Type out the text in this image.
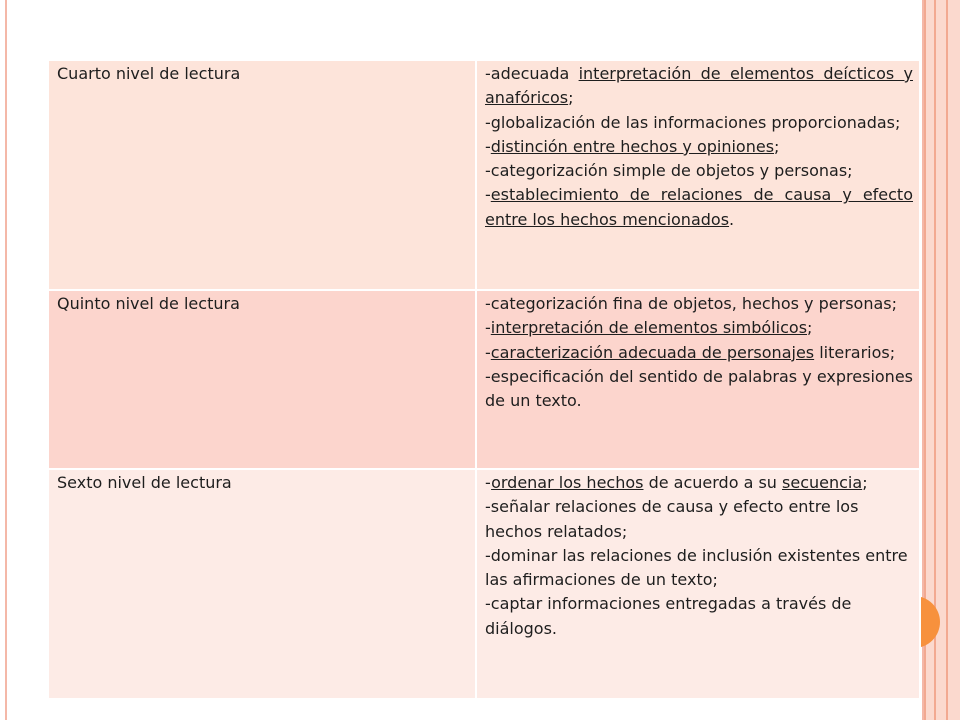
Cuarto nivel de lectura	-adecuada interpretación de elementos deícticos y anafóricos;
-globalización de las informaciones proporcionadas;
-distinción entre hechos y opiniones;
-categorización simple de objetos y personas;
-establecimiento de relaciones de causa y efecto entre los hechos mencionados.

Quinto nivel de lectura	-categorización fina de objetos, hechos y personas;
-interpretación de elementos simbólicos;
-caracterización adecuada de personajes literarios;
-especificación del sentido de palabras y expresiones de un texto.

Sexto nivel de lectura	-ordenar los hechos de acuerdo a su secuencia;
-señalar relaciones de causa y efecto entre los hechos relatados;
-dominar las relaciones de inclusión existentes entre las afirmaciones de un texto;
-captar informaciones entregadas a través de diálogos.
